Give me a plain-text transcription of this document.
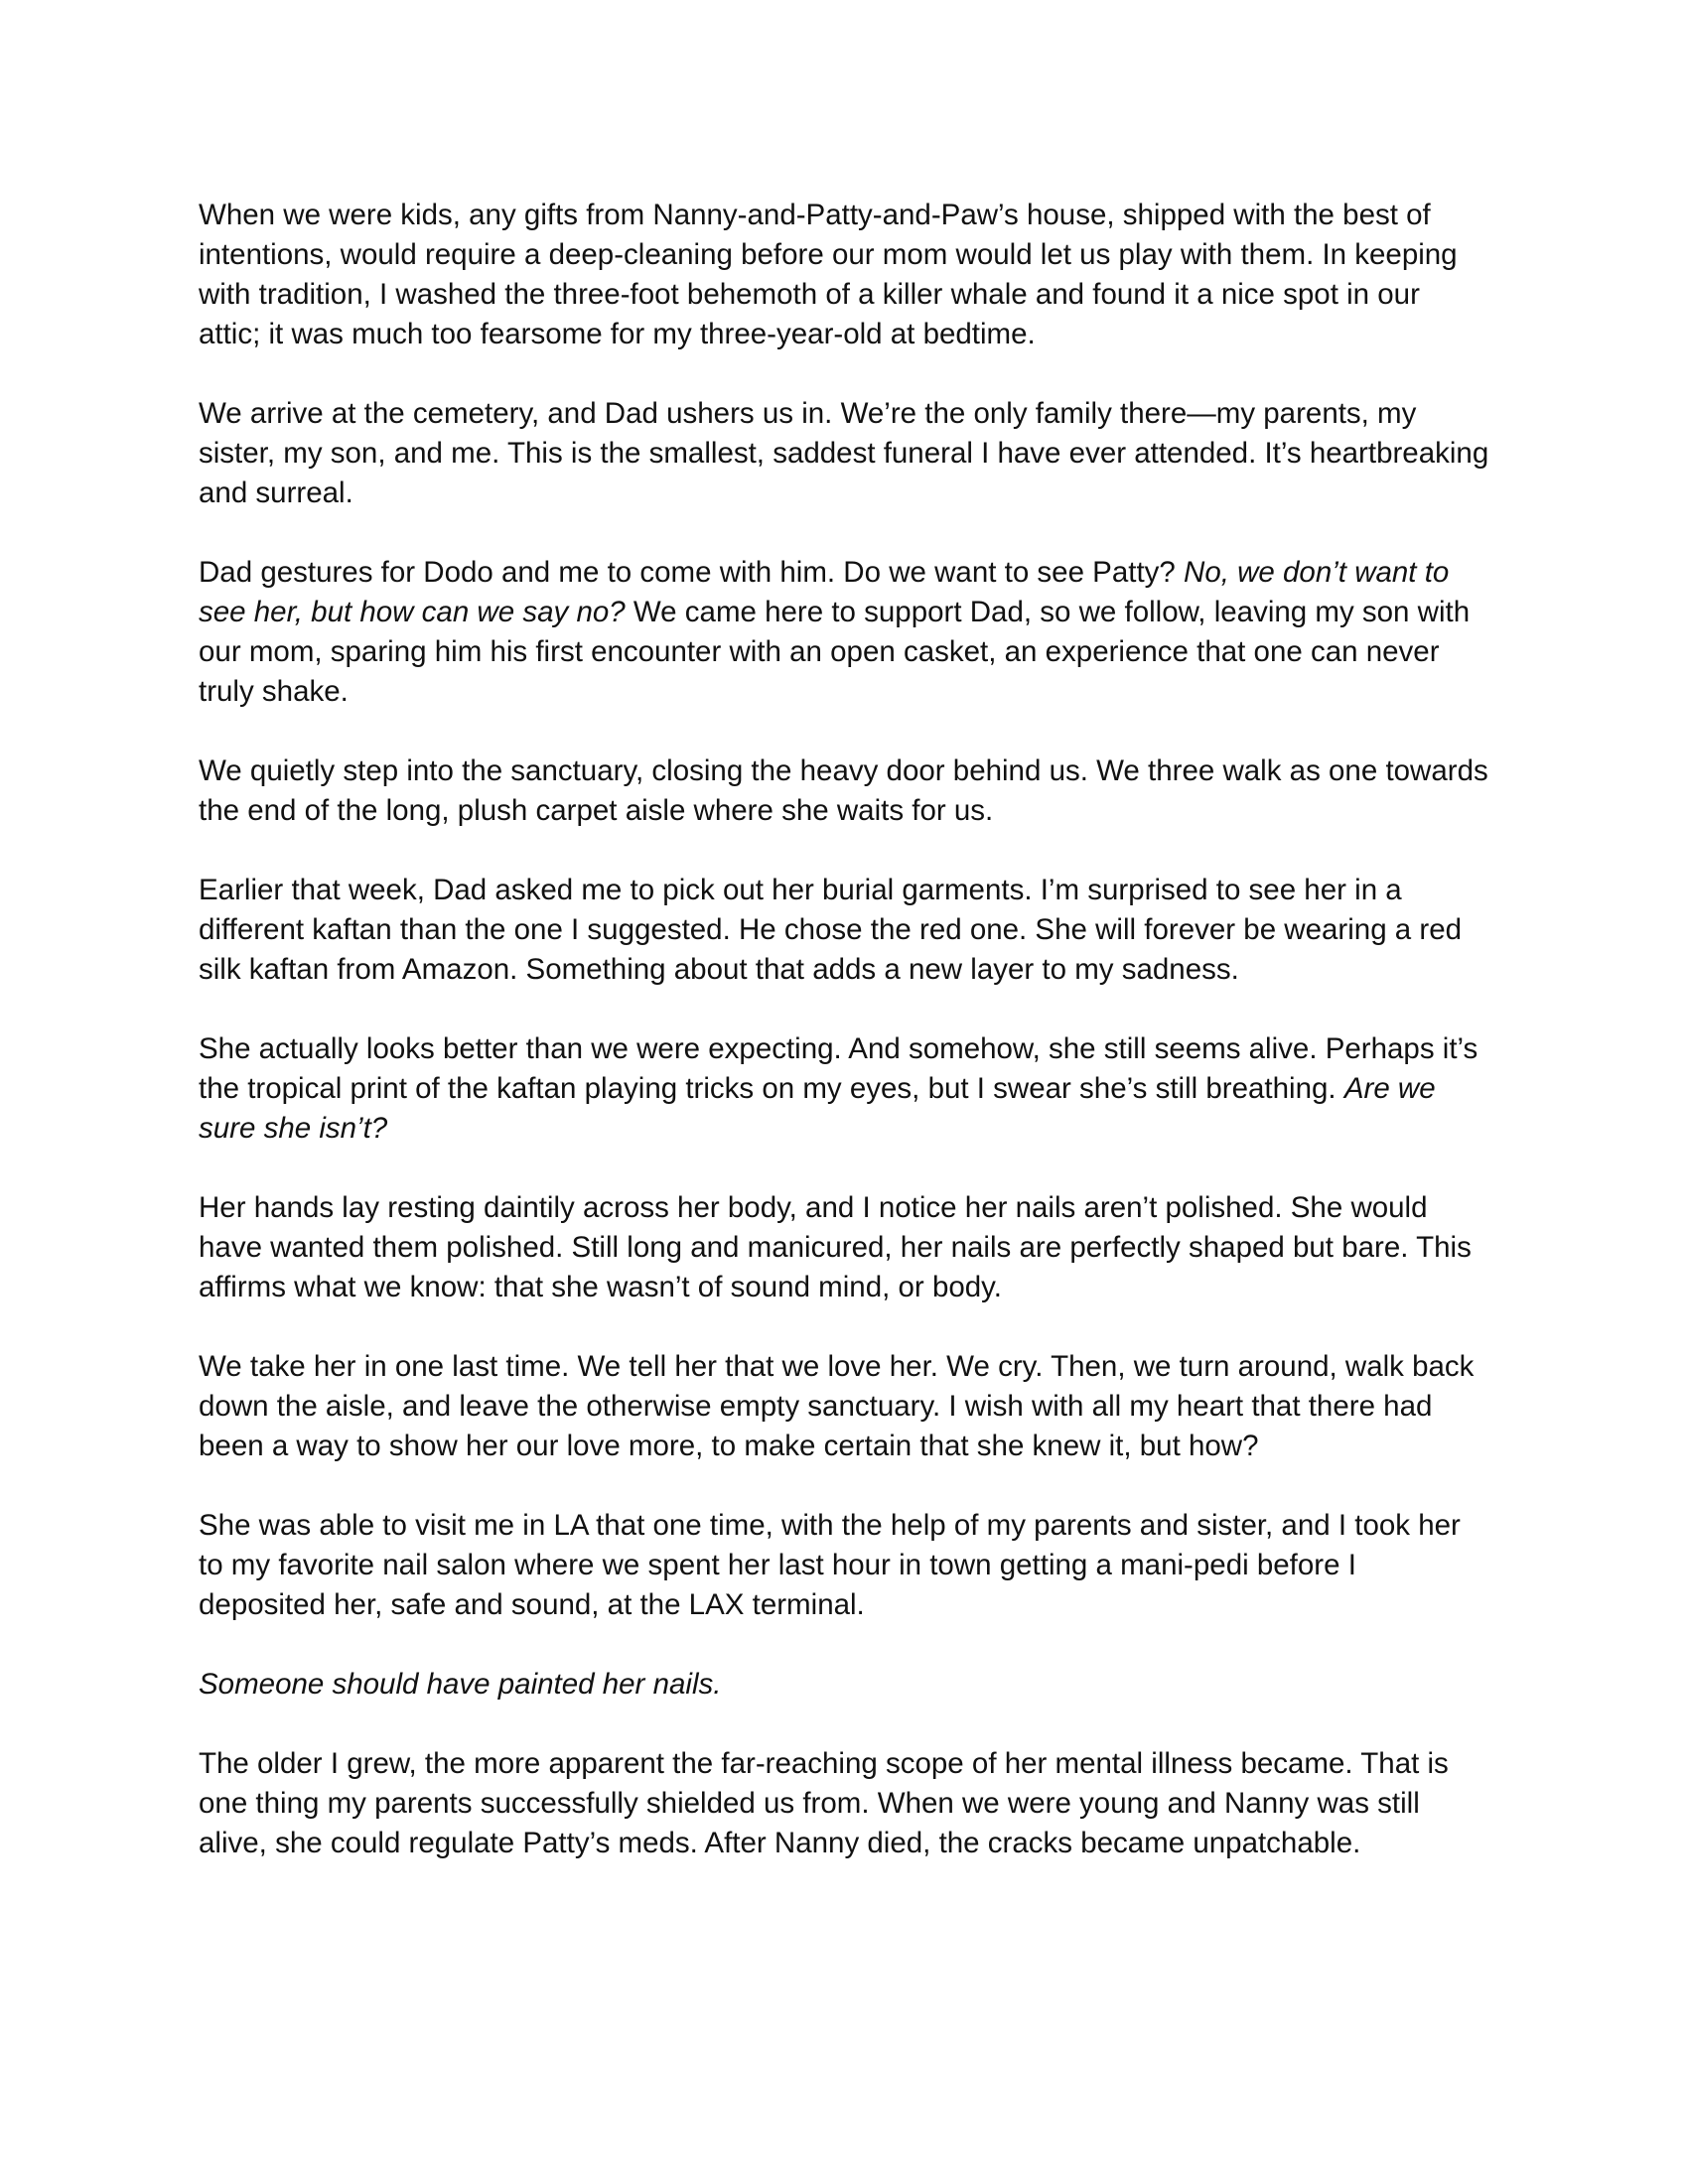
When we were kids, any gifts from Nanny-and-Patty-and-Paw’s house, shipped with the best of intentions, would require a deep-cleaning before our mom would let us play with them. In keeping with tradition, I washed the three-foot behemoth of a killer whale and found it a nice spot in our attic; it was much too fearsome for my three-year-old at bedtime.

We arrive at the cemetery, and Dad ushers us in. We’re the only family there—my parents, my sister, my son, and me. This is the smallest, saddest funeral I have ever attended. It’s heartbreaking and surreal.

Dad gestures for Dodo and me to come with him. Do we want to see Patty? No, we don’t want to see her, but how can we say no? We came here to support Dad, so we follow, leaving my son with our mom, sparing him his first encounter with an open casket, an experience that one can never truly shake.

We quietly step into the sanctuary, closing the heavy door behind us. We three walk as one towards the end of the long, plush carpet aisle where she waits for us.

Earlier that week, Dad asked me to pick out her burial garments. I’m surprised to see her in a different kaftan than the one I suggested. He chose the red one. She will forever be wearing a red silk kaftan from Amazon. Something about that adds a new layer to my sadness.

She actually looks better than we were expecting. And somehow, she still seems alive. Perhaps it’s the tropical print of the kaftan playing tricks on my eyes, but I swear she’s still breathing. Are we sure she isn’t?

Her hands lay resting daintily across her body, and I notice her nails aren’t polished. She would have wanted them polished. Still long and manicured, her nails are perfectly shaped but bare. This affirms what we know: that she wasn’t of sound mind, or body.

We take her in one last time. We tell her that we love her. We cry. Then, we turn around, walk back down the aisle, and leave the otherwise empty sanctuary. I wish with all my heart that there had been a way to show her our love more, to make certain that she knew it, but how?

She was able to visit me in LA that one time, with the help of my parents and sister, and I took her to my favorite nail salon where we spent her last hour in town getting a mani-pedi before I deposited her, safe and sound, at the LAX terminal.

Someone should have painted her nails.

The older I grew, the more apparent the far-reaching scope of her mental illness became. That is one thing my parents successfully shielded us from. When we were young and Nanny was still alive, she could regulate Patty’s meds. After Nanny died, the cracks became unpatchable.
